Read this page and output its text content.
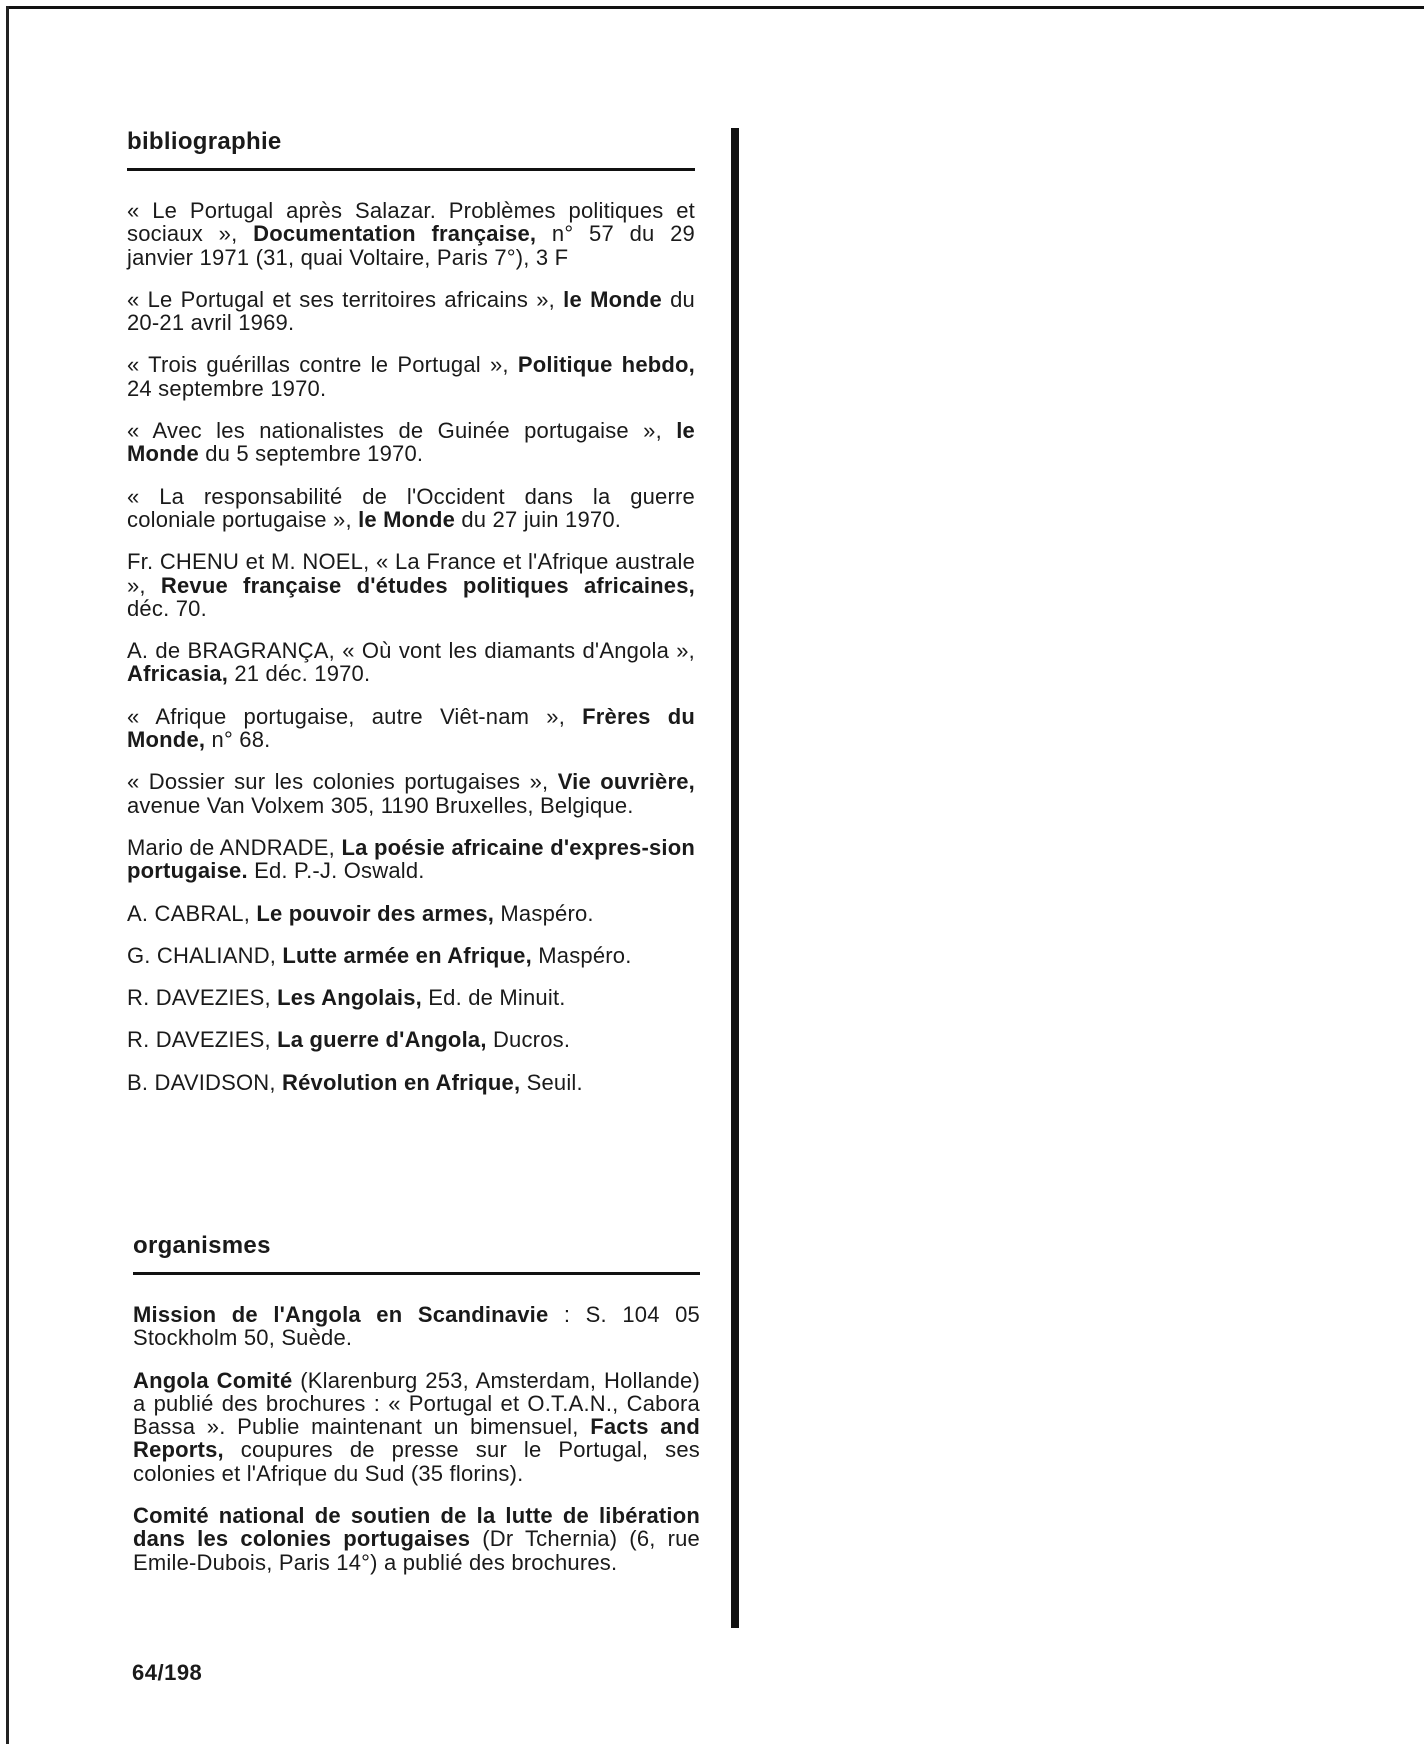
bibliographie

« Le Portugal après Salazar. Problèmes politiques et sociaux », Documentation française, n° 57 du 29 janvier 1971 (31, quai Voltaire, Paris 7°), 3 F

« Le Portugal et ses territoires africains », le Monde du 20-21 avril 1969.

« Trois guérillas contre le Portugal », Politique hebdo, 24 septembre 1970.

« Avec les nationalistes de Guinée portugaise », le Monde du 5 septembre 1970.

« La responsabilité de l'Occident dans la guerre coloniale portugaise », le Monde du 27 juin 1970.

Fr. CHENU et M. NOEL, « La France et l'Afrique australe », Revue française d'études politiques africaines, déc. 70.

A. de BRAGRANÇA, « Où vont les diamants d'Angola », Africasia, 21 déc. 1970.

« Afrique portugaise, autre Viêt-nam », Frères du Monde, n° 68.

« Dossier sur les colonies portugaises », Vie ouvrière, avenue Van Volxem 305, 1190 Bruxelles, Belgique.

Mario de ANDRADE, La poésie africaine d'expres-sion portugaise. Ed. P.-J. Oswald.

A. CABRAL, Le pouvoir des armes, Maspéro.

G. CHALIAND, Lutte armée en Afrique, Maspéro.

R. DAVEZIES, Les Angolais, Ed. de Minuit.

R. DAVEZIES, La guerre d'Angola, Ducros.

B. DAVIDSON, Révolution en Afrique, Seuil.

organismes

Mission de l'Angola en Scandinavie : S. 104 05 Stockholm 50, Suède.

Angola Comité (Klarenburg 253, Amsterdam, Hollande) a publié des brochures : « Portugal et O.T.A.N., Cabora Bassa ». Publie maintenant un bimensuel, Facts and Reports, coupures de presse sur le Portugal, ses colonies et l'Afrique du Sud (35 florins).

Comité national de soutien de la lutte de libération dans les colonies portugaises (Dr Tchernia) (6, rue Emile-Dubois, Paris 14°) a publié des brochures.

64/198
